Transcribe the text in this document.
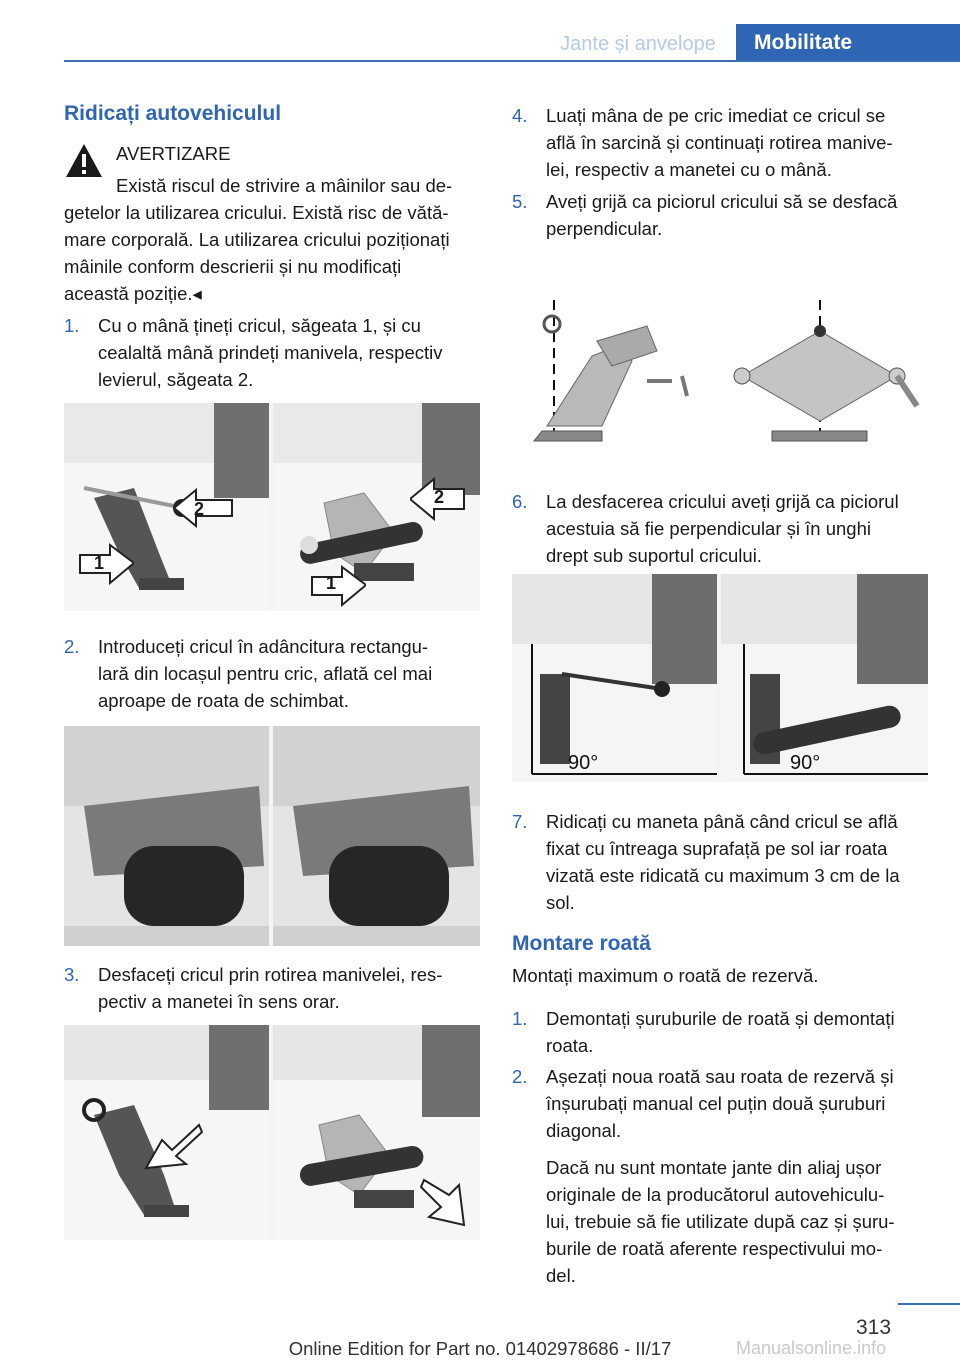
Jante și anvelope	Mobilitate
Ridicați autovehiculul
AVERTIZARE
Există riscul de strivire a mâinilor sau de-
getelor la utilizarea cricului. Există risc de vătă-
mare corporală. La utilizarea cricului poziționați
mâinile conform descrierii și nu modificați
această poziție.◂
1. Cu o mână țineți cricul, săgeata 1, și cu
cealaltă mână prindeți manivela, respectiv
levierul, săgeata 2.
2
1
2
1
2. Introduceți cricul în adâncitura rectangu-
lară din locașul pentru cric, aflată cel mai
aproape de roata de schimbat.
3. Desfaceți cricul prin rotirea manivelei, res-
pectiv a manetei în sens orar.
4. Luați mâna de pe cric imediat ce cricul se
află în sarcină și continuați rotirea manive-
lei, respectiv a manetei cu o mână.
5. Aveți grijă ca piciorul cricului să se desfacă
perpendicular.
6. La desfacerea cricului aveți grijă ca piciorul
acestuia să fie perpendicular și în unghi
drept sub suportul cricului.
90°	90°
7. Ridicați cu maneta până când cricul se află
fixat cu întreaga suprafață pe sol iar roata
vizată este ridicată cu maximum 3 cm de la
sol.
Montare roată
Montați maximum o roată de rezervă.
1. Demontați șuruburile de roată și demontați
roata.
2. Așezați noua roată sau roata de rezervă și
înșurubați manual cel puțin două șuruburi
diagonal.
Dacă nu sunt montate jante din aliaj ușor
originale de la producătorul autovehiculu-
lui, trebuie să fie utilizate după caz și șuru-
burile de roată aferente respectivului mo-
del.
313
Online Edition for Part no. 01402978686 - II/17	Manualsonline.info
